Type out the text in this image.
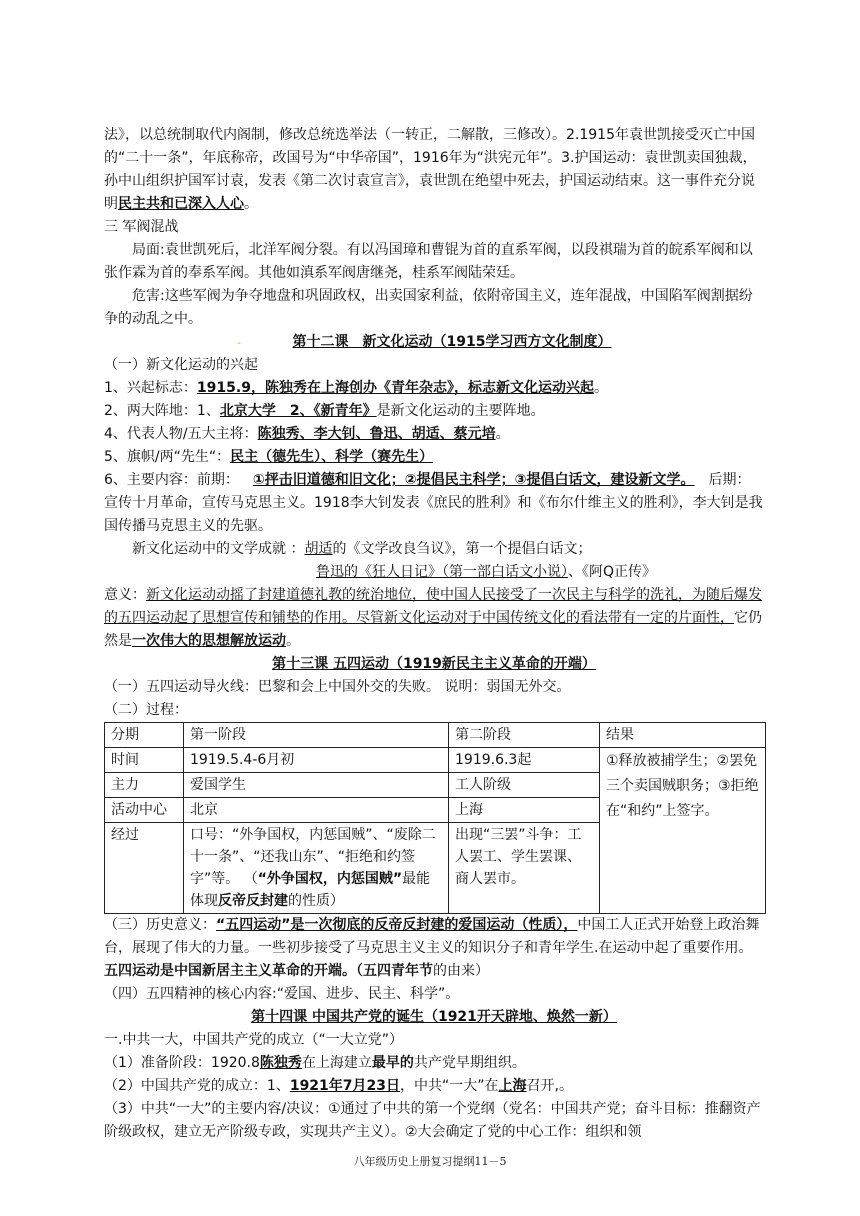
法》，以总统制取代内阁制，修改总统选举法（一转正，二解散，三修改）。2.1915年袁世凯接受灭亡中国的“二十一条”，年底称帝，改国号为“中华帝国”，1916年为“洪宪元年”。3.护国运动：袁世凯卖国独裁，孙中山组织护国军讨袁，发表《第二次讨袁宣言》，袁世凯在绝望中死去，护国运动结束。这一事件充分说明民主共和已深入人心。

三 军阀混战

局面:袁世凯死后，北洋军阀分裂。有以冯国璋和曹锟为首的直系军阀，以段祺瑞为首的皖系军阀和以张作霖为首的奉系军阀。其他如滇系军阀唐继尧，桂系军阀陆荣廷。

危害:这些军阀为争夺地盘和巩固政权，出卖国家利益，依附帝国主义，连年混战，中国陷军阀割据纷争的动乱之中。

-	第十二课　新文化运动（1915学习西方文化制度）

（一）新文化运动的兴起

1、兴起标志：1915.9，陈独秀在上海创办《青年杂志》，标志新文化运动兴起。

2、两大阵地：1、北京大学　2、《新青年》是新文化运动的主要阵地。

4、代表人物/五大主将：陈独秀、李大钊、鲁迅、胡适、蔡元培。

5、旗帜/两“先生“：民主（德先生）、科学（赛先生）

6、主要内容：前期： ①抨击旧道德和旧文化；②提倡民主科学；③提倡白话文，建设新文学。 后期：宣传十月革命，宣传马克思主义。1918李大钊发表《庶民的胜利》和《布尔什维主义的胜利》，李大钊是我国传播马克思主义的先驱。

新文化运动中的文学成就 ：胡适的《文学改良刍议》，第一个提倡白话文；

鲁迅的《狂人日记》（第一部白话文小说）、《阿Q正传》

意义：新文化运动动摇了封建道德礼教的统治地位，使中国人民接受了一次民主与科学的洗礼，为随后爆发的五四运动起了思想宣传和铺垫的作用。尽管新文化运动对于中国传统文化的看法带有一定的片面性，它仍然是一次伟大的思想解放运动。

第十三课 五四运动（1919新民主主义革命的开端）

（一）五四运动导火线：巴黎和会上中国外交的失败。 说明：弱国无外交。

（二）过程：

分期	第一阶段	第二阶段	结果
时间	1919.5.4-6月初	1919.6.3起	①释放被捕学生；②罢免三个卖国贼职务；③拒绝在“和约”上签字。
主力	爱国学生	工人阶级	
活动中心	北京	上海	
经过	口号：“外争国权，内惩国贼”、“废除二十一条”、“还我山东”、“拒绝和约签字”等。 （“外争国权，内惩国贼”最能体现反帝反封建的性质）	出现“三罢”斗争：工人罢工、学生罢课、商人罢市。	

（三）历史意义：“五四运动”是一次彻底的反帝反封建的爱国运动（性质），中国工人正式开始登上政治舞台，展现了伟大的力量。一些初步接受了马克思主义主义的知识分子和青年学生.在运动中起了重要作用。五四运动是中国新居主主义革命的开端。（五四青年节的由来）

（四）五四精神的核心内容:“爱国、进步、民主、科学”。

第十四课 中国共产党的诞生（1921开天辟地、焕然一新）

一.中共一大，中国共产党的成立（“一大立党”）

（1）准备阶段：1920.8陈独秀在上海建立最早的共产党早期组织。

（2）中国共产党的成立：1、1921年7月23日，中共“一大”在上海召开,。

（3）中共“一大”的主要内容/决议：①通过了中共的第一个党纲（党名：中国共产党；奋斗目标：推翻资产阶级政权，建立无产阶级专政，实现共产主义）。②大会确定了党的中心工作：组织和领

八年级历史上册复习提纲11－5
